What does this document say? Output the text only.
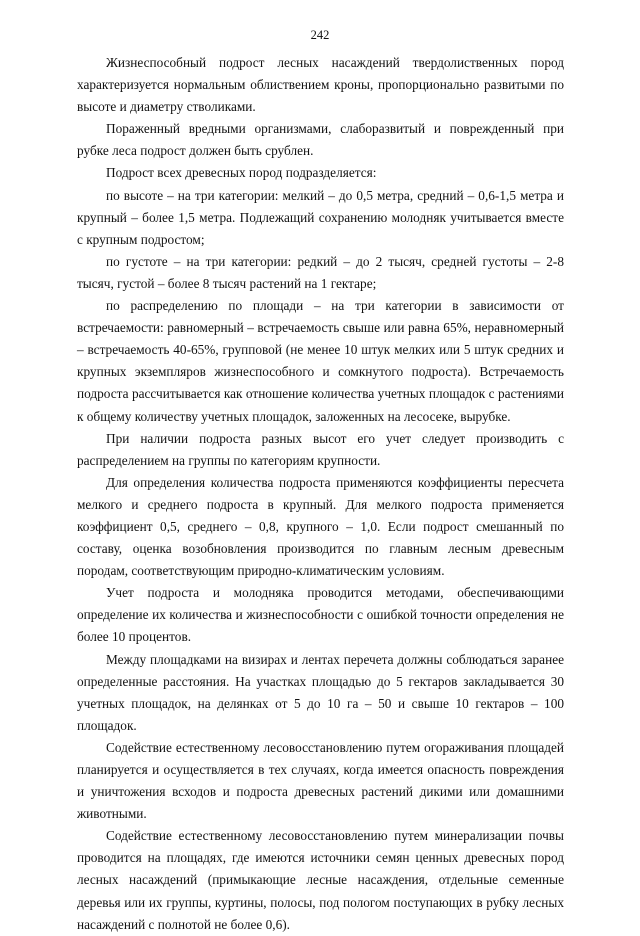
242

Жизнеспособный подрост лесных насаждений твердолиственных пород характеризуется нормальным облиствением кроны, пропорционально развитыми по высоте и диаметру стволиками.

Пораженный вредными организмами, слаборазвитый и поврежденный при рубке леса подрост должен быть срублен.

Подрост всех древесных пород подразделяется:

по высоте – на три категории: мелкий – до 0,5 метра, средний – 0,6-1,5 метра и крупный – более 1,5 метра. Подлежащий сохранению молодняк учитывается вместе с крупным подростом;

по густоте – на три категории: редкий – до 2 тысяч, средней густоты – 2-8 тысяч, густой – более 8 тысяч растений на 1 гектаре;

по распределению по площади – на три категории в зависимости от встречаемости: равномерный – встречаемость свыше или равна 65%, неравномерный – встречаемость 40-65%, групповой (не менее 10 штук мелких или 5 штук средних и крупных экземпляров жизнеспособного и сомкнутого подроста). Встречаемость подроста рассчитывается как отношение количества учетных площадок с растениями к общему количеству учетных площадок, заложенных на лесосеке, вырубке.

При наличии подроста разных высот его учет следует производить с распределением на группы по категориям крупности.

Для определения количества подроста применяются коэффициенты пересчета мелкого и среднего подроста в крупный. Для мелкого подроста применяется коэффициент 0,5, среднего – 0,8, крупного – 1,0. Если подрост смешанный по составу, оценка возобновления производится по главным лесным древесным породам, соответствующим природно-климатическим условиям.

Учет подроста и молодняка проводится методами, обеспечивающими определение их количества и жизнеспособности с ошибкой точности определения не более 10 процентов.

Между площадками на визирах и лентах перечета должны соблюдаться заранее определенные расстояния. На участках площадью до 5 гектаров закладывается 30 учетных площадок, на делянках от 5 до 10 га – 50 и свыше 10 гектаров – 100 площадок.

Содействие естественному лесовосстановлению путем огораживания площадей планируется и осуществляется в тех случаях, когда имеется опасность повреждения и уничтожения всходов и подроста древесных растений дикими или домашними животными.

Содействие естественному лесовосстановлению путем минерализации почвы проводится на площадях, где имеются источники семян ценных древесных пород лесных насаждений (примыкающие лесные насаждения, отдельные семенные деревья или их группы, куртины, полосы, под пологом поступающих в рубку лесных насаждений с полнотой не более 0,6).
